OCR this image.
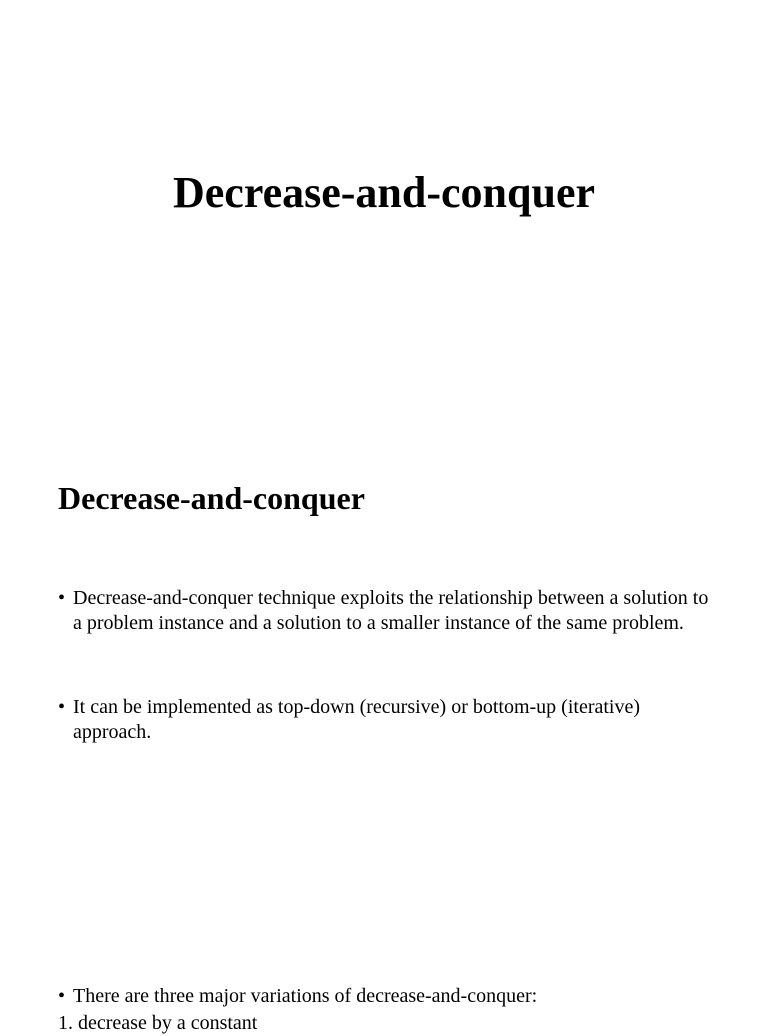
Decrease-and-conquer
Decrease-and-conquer
• Decrease-and-conquer technique exploits the relationship between a solution to a problem instance and a solution to a smaller instance of the same problem.
• It can be implemented as top-down (recursive) or bottom-up (iterative) approach.
• There are three major variations of decrease-and-conquer:
1. decrease by a constant
